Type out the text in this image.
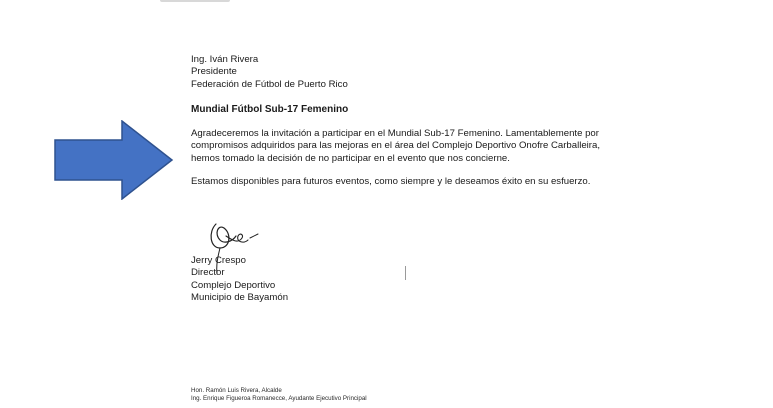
Ing. Iván Rivera
Presidente
Federación de Fútbol de Puerto Rico
Mundial Fútbol Sub-17 Femenino
Agradeceremos la invitación a participar en el Mundial Sub-17 Femenino. Lamentablemente por
compromisos adquiridos para las mejoras en el área del Complejo Deportivo Onofre Carballeira,
hemos tomado la decisión de no participar en el evento que nos concierne.
Estamos disponibles para futuros eventos, como siempre y le deseamos éxito en su esfuerzo.
Jerry Crespo
Director
Complejo Deportivo
Municipio de Bayamón
Hon. Ramón Luis Rivera, Alcalde
Ing. Enrique Figueroa Romanecce, Ayudante Ejecutivo Principal
